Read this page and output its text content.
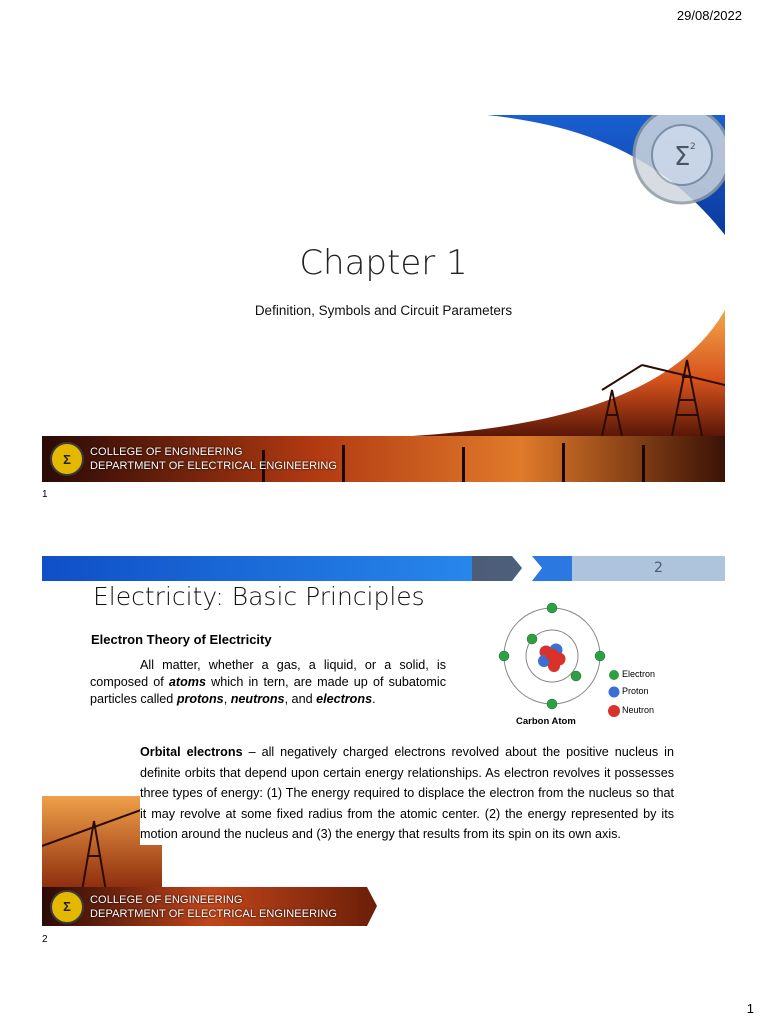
29/08/2022
Σ 2
Chapter 1
Definition, Symbols and Circuit Parameters
Σ	COLLEGE OF ENGINEERING
DEPARTMENT OF ELECTRICAL ENGINEERING
1
2
Electricity: Basic Principles
Electron Theory of Electricity
All matter, whether a gas, a liquid, or a solid, is composed of atoms which in tern, are made up of subatomic particles called protons, neutrons, and electrons.
Carbon Atom
Electron
Proton
Neutron
Orbital electrons – all negatively charged electrons revolved about the positive nucleus in definite orbits that depend upon certain energy relationships. As electron revolves it possesses three types of energy: (1) The energy required to displace the electron from the nucleus so that it may revolve at some fixed radius from the atomic center. (2) the energy represented by its motion around the nucleus and (3) the energy that results from its spin on its own axis.
Σ	COLLEGE OF ENGINEERING
DEPARTMENT OF ELECTRICAL ENGINEERING
2
1
